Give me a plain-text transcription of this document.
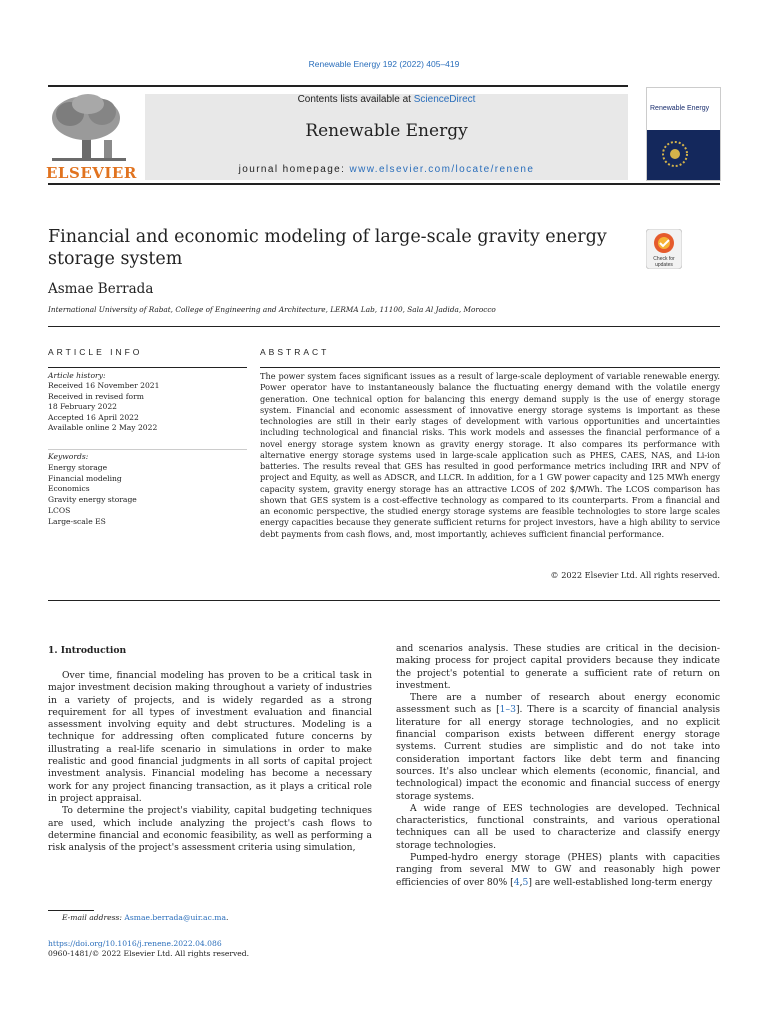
Renewable Energy 192 (2022) 405–419
ELSEVIER
Contents lists available at ScienceDirect
Renewable Energy
journal homepage: www.elsevier.com/locate/renene
Renewable Energy
Financial and economic modeling of large-scale gravity energy storage system	Check for
updates
Asmae Berrada
International University of Rabat, College of Engineering and Architecture, LERMA Lab, 11100, Sala Al Jadida, Morocco
ARTICLE INFO	ABSTRACT
Article history:
Received 16 November 2021
Received in revised form
18 February 2022
Accepted 16 April 2022
Available online 2 May 2022
Keywords:
Energy storage
Financial modeling
Economics
Gravity energy storage
LCOS
Large-scale ES
The power system faces significant issues as a result of large-scale deployment of variable renewable energy. Power operator have to instantaneously balance the fluctuating energy demand with the volatile energy generation. One technical option for balancing this energy demand supply is the use of energy storage system. Financial and economic assessment of innovative energy storage systems is important as these technologies are still in their early stages of development with various opportunities and uncertainties including technological and financial risks. This work models and assesses the financial performance of a novel energy storage system known as gravity energy storage. It also compares its performance with alternative energy storage systems used in large-scale application such as PHES, CAES, NAS, and Li-ion batteries. The results reveal that GES has resulted in good performance metrics including IRR and NPV of project and Equity, as well as ADSCR, and LLCR. In addition, for a 1 GW power capacity and 125 MWh energy capacity system, gravity energy storage has an attractive LCOS of 202 $/MWh. The LCOS comparison has shown that GES system is a cost-effective technology as compared to its counterparts. From a financial and an economic perspective, the studied energy storage systems are feasible technologies to store large scales energy capacities because they generate sufficient returns for project investors, have a high ability to service debt payments from cash flows, and, most importantly, achieves sufficient financial performance.
© 2022 Elsevier Ltd. All rights reserved.
1. Introduction

Over time, financial modeling has proven to be a critical task in major investment decision making throughout a variety of industries in a variety of projects, and is widely regarded as a strong requirement for all types of investment evaluation and financial assessment involving equity and debt structures. Modeling is a technique for addressing often complicated future concerns by illustrating a real-life scenario in simulations in order to make realistic and good financial judgments in all sorts of capital project investment analysis. Financial modeling has become a necessary work for any project financing transaction, as it plays a critical role in project appraisal.

To determine the project's viability, capital budgeting techniques are used, which include analyzing the project's cash flows to determine financial and economic feasibility, as well as performing a risk analysis of the project's assessment criteria using simulation,

and scenarios analysis. These studies are critical in the decision-making process for project capital providers because they indicate the project's potential to generate a sufficient rate of return on investment.

There are a number of research about energy economic assessment such as [1–3]. There is a scarcity of financial analysis literature for all energy storage technologies, and no explicit financial comparison exists between different energy storage systems. Current studies are simplistic and do not take into consideration important factors like debt term and financing sources. It's also unclear which elements (economic, financial, and technological) impact the economic and financial success of energy storage systems.

A wide range of EES technologies are developed. Technical characteristics, functional constraints, and various operational techniques can all be used to characterize and classify energy storage technologies.

Pumped-hydro energy storage (PHES) plants with capacities ranging from several MW to GW and reasonably high power efficiencies of over 80% [4,5] are well-established long-term energy

E-mail address: Asmae.berrada@uir.ac.ma.
https://doi.org/10.1016/j.renene.2022.04.086
0960-1481/© 2022 Elsevier Ltd. All rights reserved.
